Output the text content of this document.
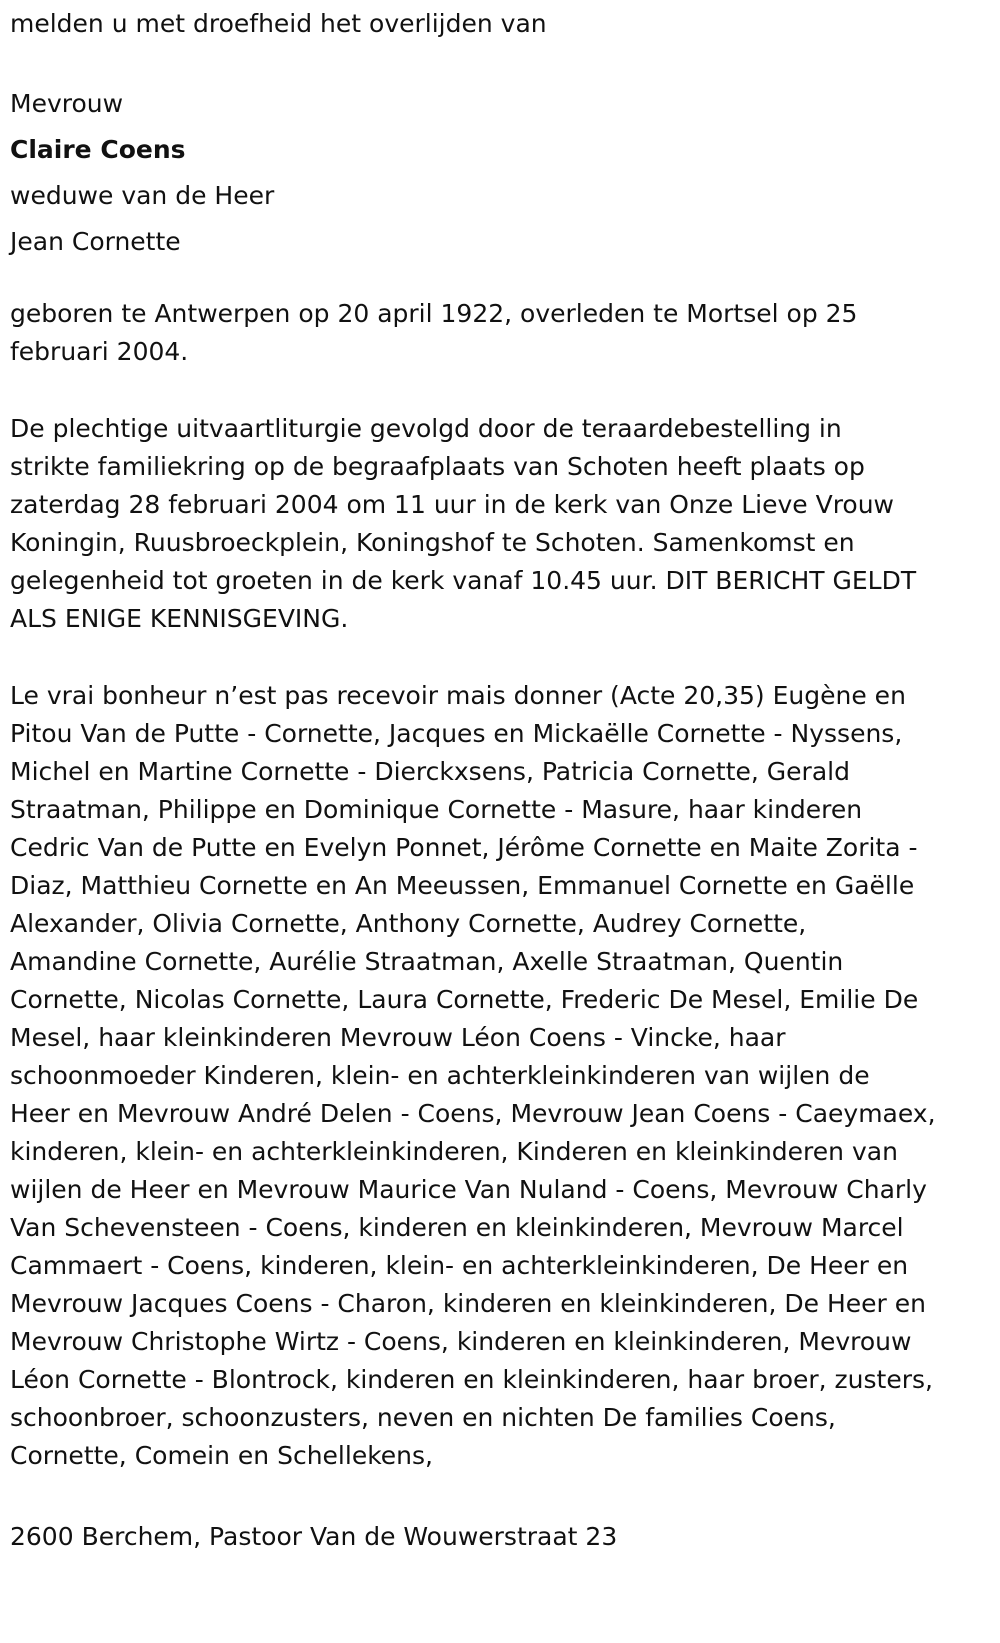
melden u met droefheid het overlijden van

Mevrouw

Claire Coens

weduwe van de Heer

Jean Cornette

geboren te Antwerpen op 20 april 1922, overleden te Mortsel op 25

februari 2004.

De plechtige uitvaartliturgie gevolgd door de teraardebestelling in

strikte familiekring op de begraafplaats van Schoten heeft plaats op

zaterdag 28 februari 2004 om 11 uur in de kerk van Onze Lieve Vrouw

Koningin, Ruusbroeckplein, Koningshof te Schoten. Samenkomst en

gelegenheid tot groeten in de kerk vanaf 10.45 uur. DIT BERICHT GELDT

ALS ENIGE KENNISGEVING.

Le vrai bonheur n’est pas recevoir mais donner (Acte 20,35) Eugène en

Pitou Van de Putte - Cornette, Jacques en Mickaëlle Cornette - Nyssens,

Michel en Martine Cornette - Dierckxsens, Patricia Cornette, Gerald

Straatman, Philippe en Dominique Cornette - Masure, haar kinderen

Cedric Van de Putte en Evelyn Ponnet, Jérôme Cornette en Maite Zorita -

Diaz, Matthieu Cornette en An Meeussen, Emmanuel Cornette en Gaëlle

Alexander, Olivia Cornette, Anthony Cornette, Audrey Cornette,

Amandine Cornette, Aurélie Straatman, Axelle Straatman, Quentin

Cornette, Nicolas Cornette, Laura Cornette, Frederic De Mesel, Emilie De

Mesel, haar kleinkinderen Mevrouw Léon Coens - Vincke, haar

schoonmoeder Kinderen, klein- en achterkleinkinderen van wijlen de

Heer en Mevrouw André Delen - Coens, Mevrouw Jean Coens - Caeymaex,

kinderen, klein- en achterkleinkinderen, Kinderen en kleinkinderen van

wijlen de Heer en Mevrouw Maurice Van Nuland - Coens, Mevrouw Charly

Van Schevensteen - Coens, kinderen en kleinkinderen, Mevrouw Marcel

Cammaert - Coens, kinderen, klein- en achterkleinkinderen, De Heer en

Mevrouw Jacques Coens - Charon, kinderen en kleinkinderen, De Heer en

Mevrouw Christophe Wirtz - Coens, kinderen en kleinkinderen, Mevrouw

Léon Cornette - Blontrock, kinderen en kleinkinderen, haar broer, zusters,

schoonbroer, schoonzusters, neven en nichten De families Coens,

Cornette, Comein en Schellekens,

2600 Berchem, Pastoor Van de Wouwerstraat 23
